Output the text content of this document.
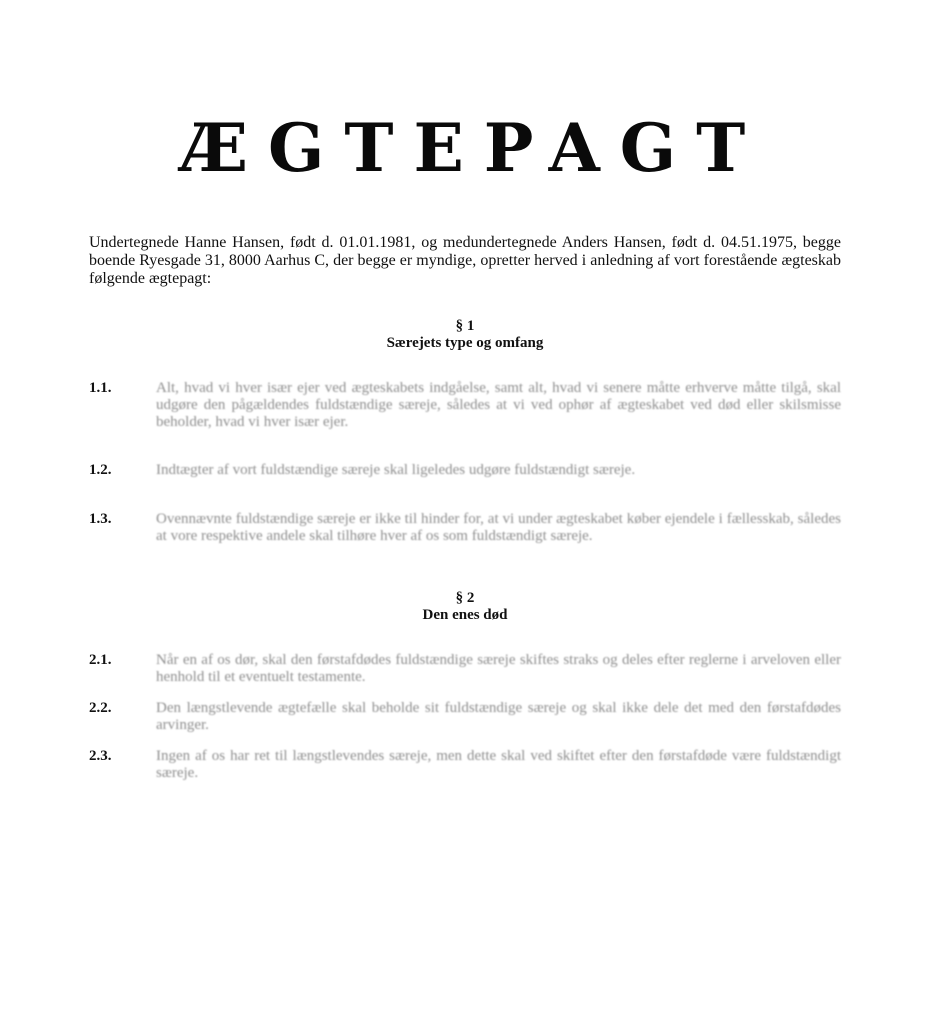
ÆGTEPAGT

Undertegnede Hanne Hansen, født d. 01.01.1981, og medundertegnede Anders Hansen, født d. 04.51.1975, begge boende Ryesgade 31, 8000 Aarhus C, der begge er myndige, opretter herved i anledning af vort forestående ægteskab følgende ægtepagt:

§ 1
Særejets type og omfang
1.1.	Alt, hvad vi hver især ejer ved ægteskabets indgåelse, samt alt, hvad vi senere måtte erhverve måtte tilgå, skal udgøre den pågældendes fuldstændige særeje, således at vi ved ophør af ægteskabet ved død eller skilsmisse beholder, hvad vi hver især ejer.
1.2.	Indtægter af vort fuldstændige særeje skal ligeledes udgøre fuldstændigt særeje.
1.3.	Ovennævnte fuldstændige særeje er ikke til hinder for, at vi under ægteskabet køber ejendele i fællesskab, således at vore respektive andele skal tilhøre hver af os som fuldstændigt særeje.
§ 2
Den enes død
2.1.	Når en af os dør, skal den førstafdødes fuldstændige særeje skiftes straks og deles efter reglerne i arveloven eller henhold til et eventuelt testamente.
2.2.	Den længstlevende ægtefælle skal beholde sit fuldstændige særeje og skal ikke dele det med den førstafdødes arvinger.
2.3.	Ingen af os har ret til længstlevendes særeje, men dette skal ved skiftet efter den førstafdøde være fuldstændigt særeje.
